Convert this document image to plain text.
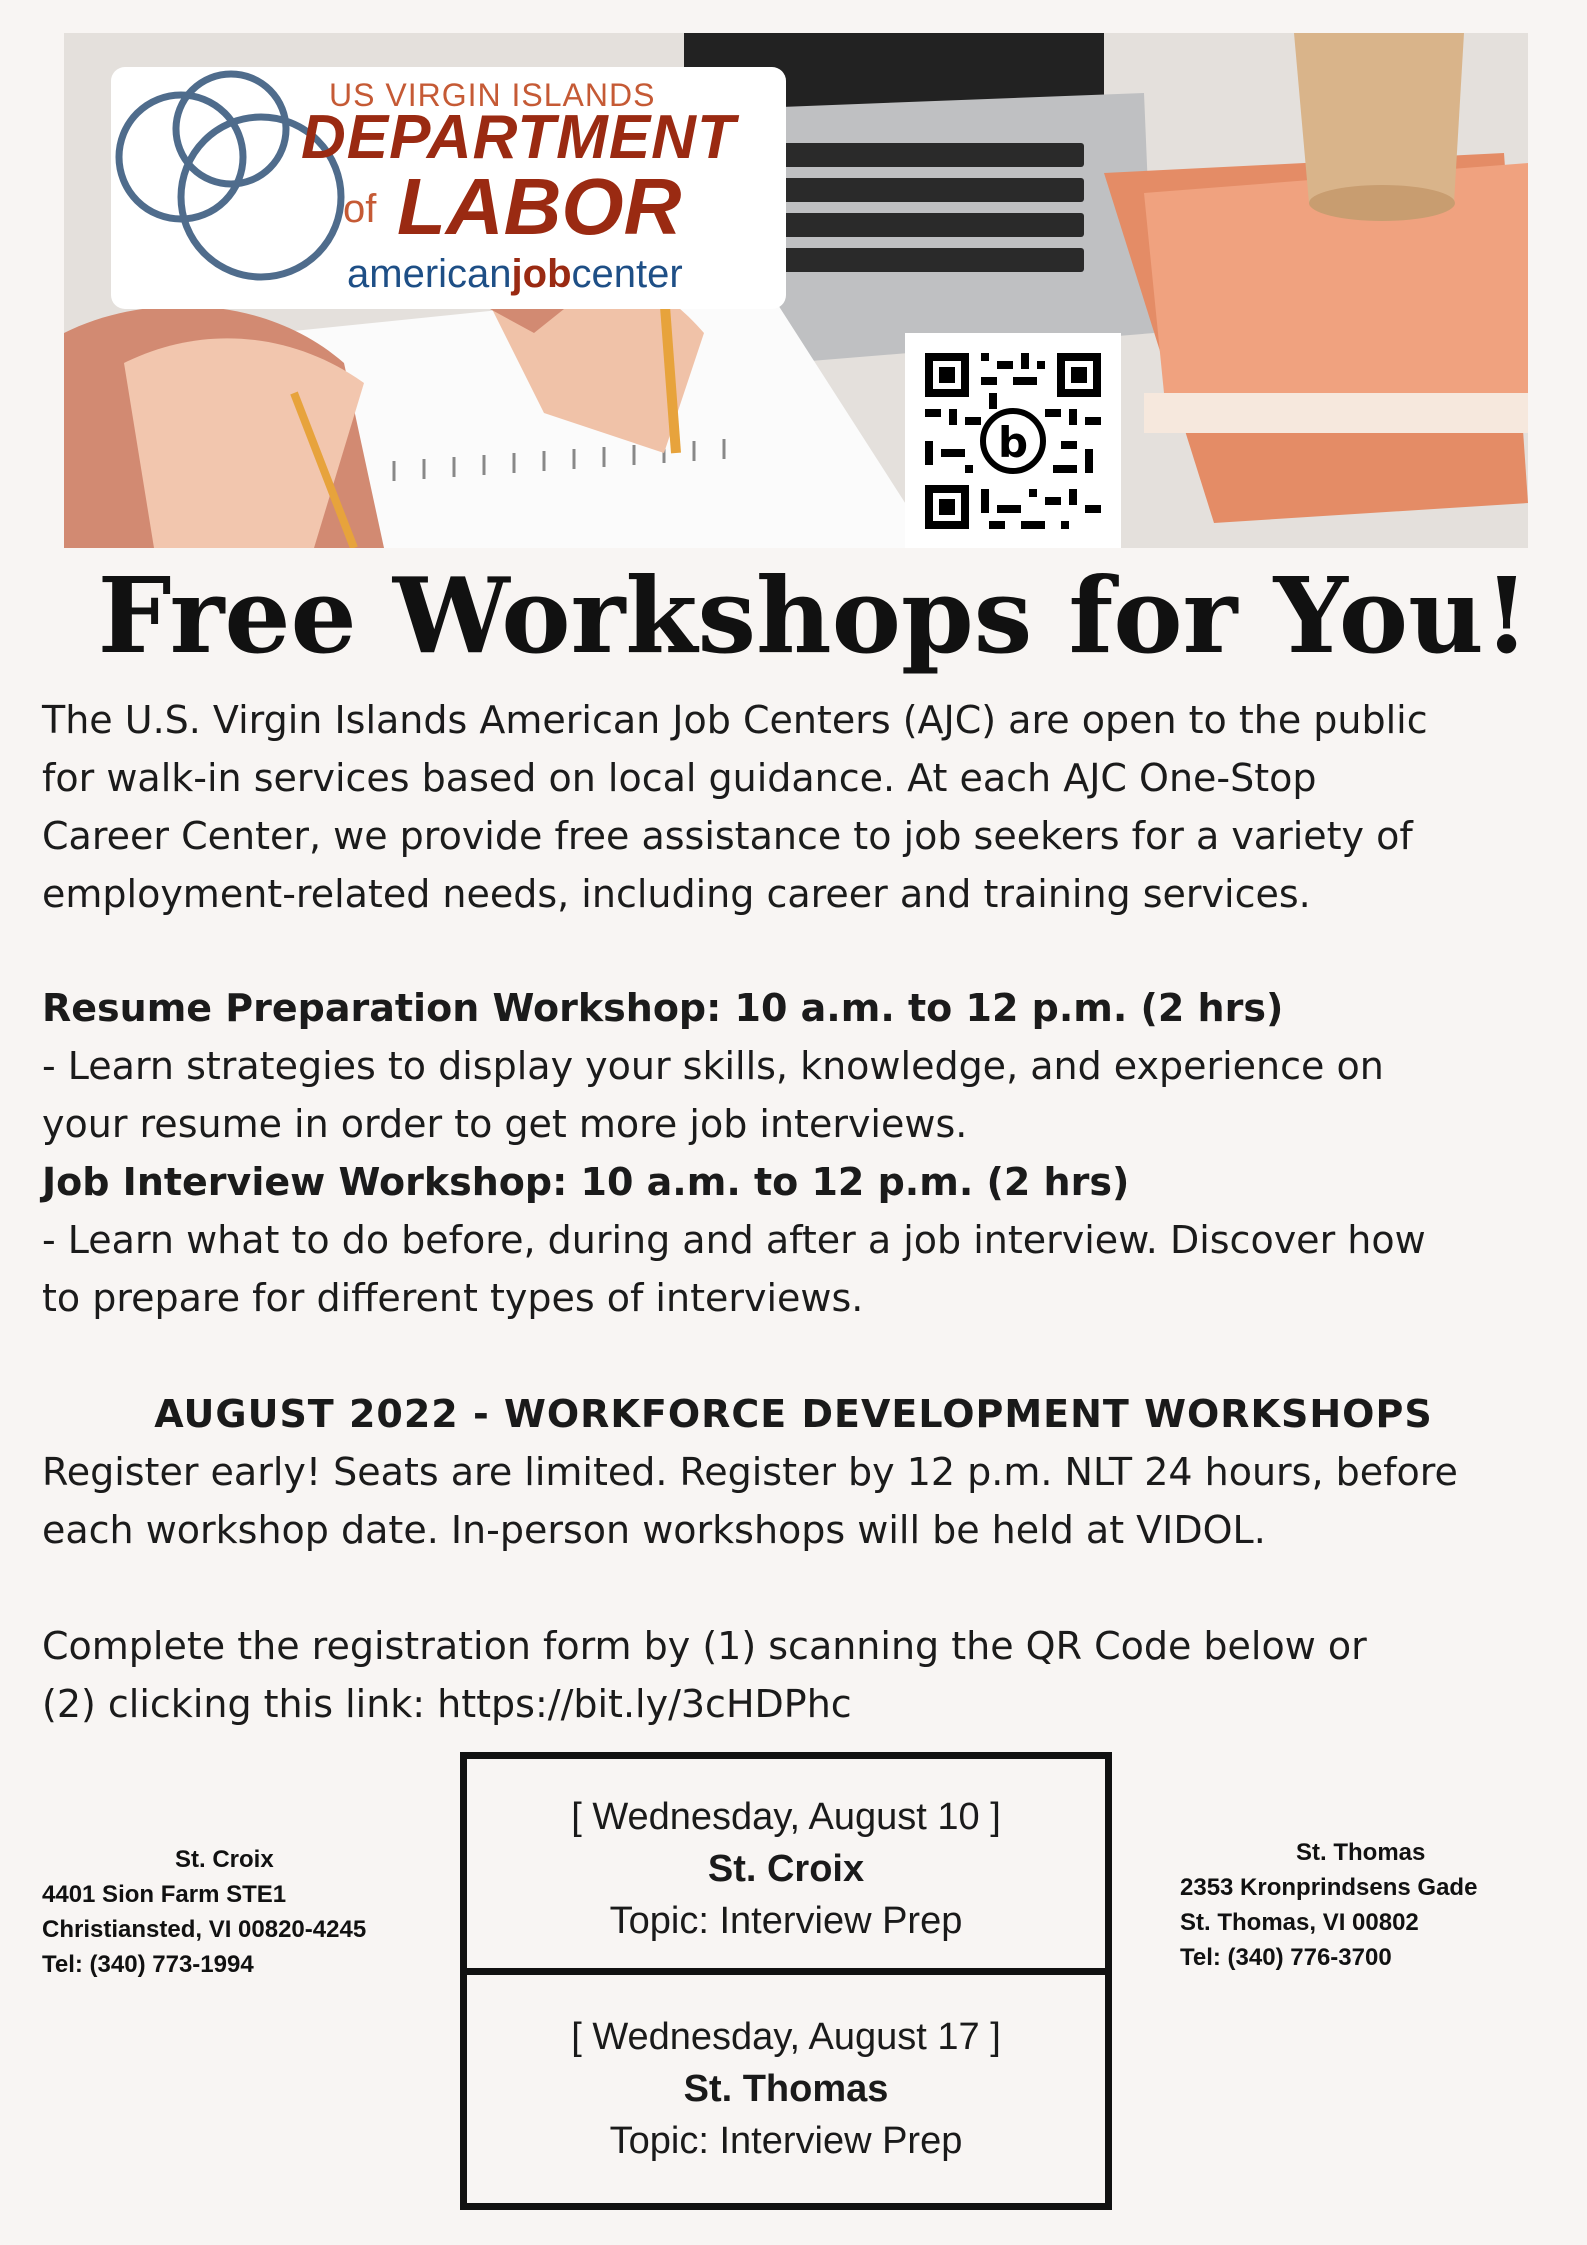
US VIRGIN ISLANDS
DEPARTMENT
of LABOR
americanjobcenter
b
Free Workshops for You!

The U.S. Virgin Islands American Job Centers (AJC) are open to the public
for walk-in services based on local guidance. At each AJC One-Stop
Career Center, we provide free assistance to job seekers for a variety of
employment-related needs, including career and training services.

Resume Preparation Workshop: 10 a.m. to 12 p.m. (2 hrs)
- Learn strategies to display your skills, knowledge, and experience on
your resume in order to get more job interviews.
Job Interview Workshop: 10 a.m. to 12 p.m. (2 hrs)
- Learn what to do before, during and after a job interview. Discover how
to prepare for different types of interviews.

AUGUST 2022 - WORKFORCE DEVELOPMENT WORKSHOPS

Register early! Seats are limited. Register by 12 p.m. NLT 24 hours, before
each workshop date. In-person workshops will be held at VIDOL.

Complete the registration form by (1) scanning the QR Code below or
(2) clicking this link: https://bit.ly/3cHDPhc

St. Croix
4401 Sion Farm STE1
Christiansted, VI 00820-4245
Tel: (340) 773-1994
St. Thomas
2353 Kronprindsens Gade
St. Thomas, VI 00802
Tel: (340) 776-3700
[ Wednesday, August 10 ]
St. Croix
Topic: Interview Prep
[ Wednesday, August 17 ]
St. Thomas
Topic: Interview Prep
